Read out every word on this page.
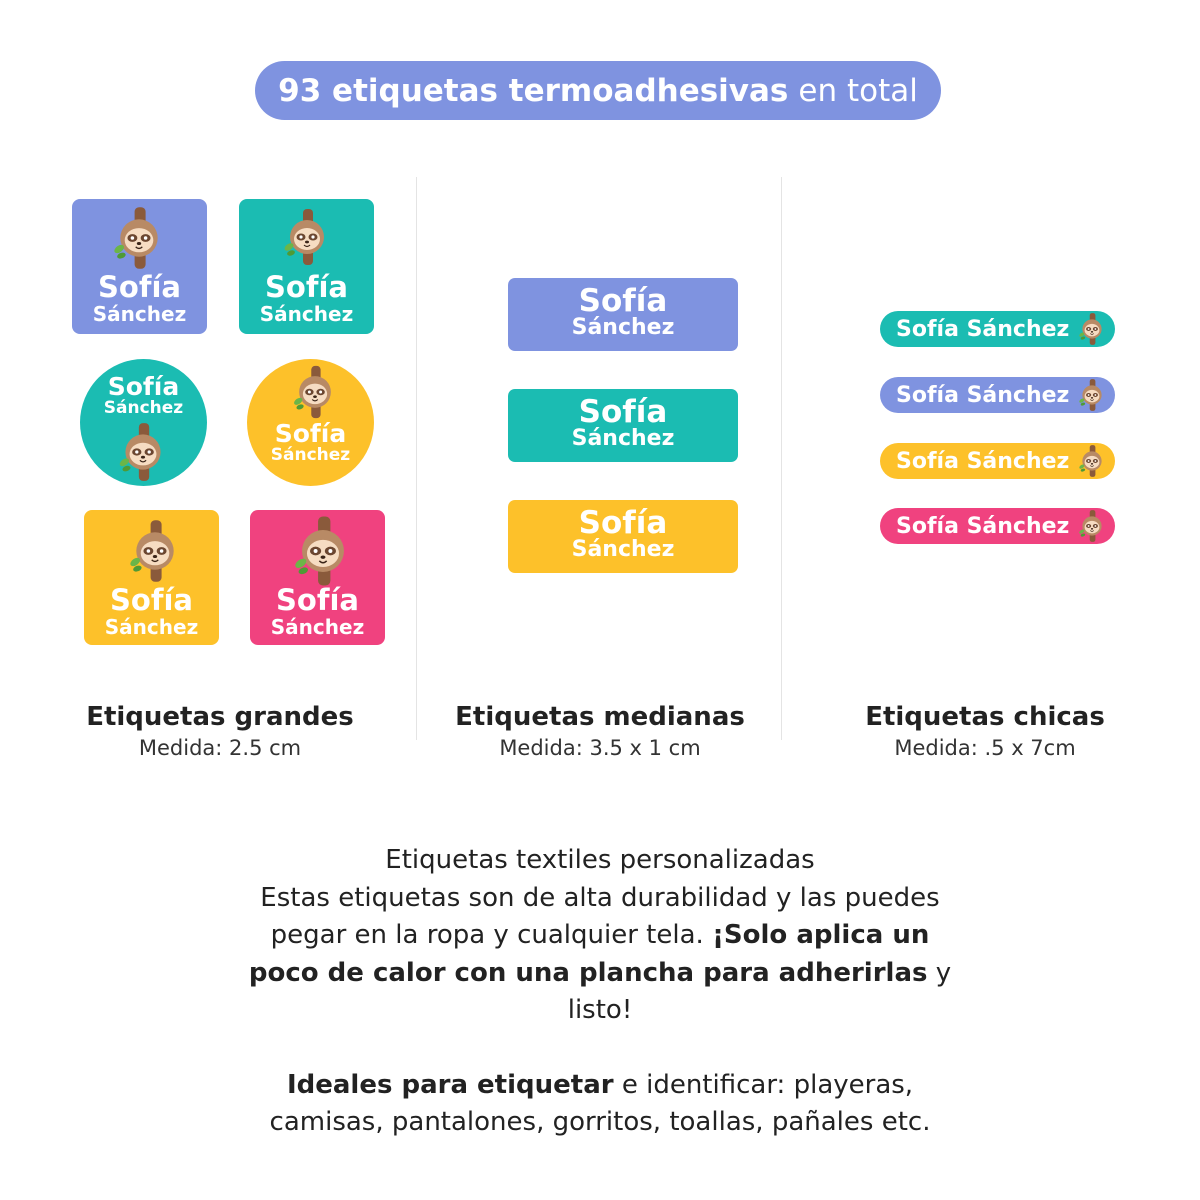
93 etiquetas termoadhesivas en total
Sofía
Sánchez
Sofía
Sánchez
Sofía
Sánchez
Sofía
Sánchez
Sofía
Sánchez
Sofía
Sánchez
Sofía
Sánchez
Sofía
Sánchez
Sofía
Sánchez
Sofía Sánchez
Sofía Sánchez
Sofía Sánchez
Sofía Sánchez
Etiquetas grandes
Medida: 2.5 cm
Etiquetas medianas
Medida: 3.5 x 1 cm
Etiquetas chicas
Medida: .5 x 7cm

Etiquetas textiles personalizadas

Estas etiquetas son de alta durabilidad y las puedes pegar en la ropa y cualquier tela. ¡Solo aplica un poco de calor con una plancha para adherirlas y listo!

Ideales para etiquetar e identificar: playeras, camisas, pantalones, gorritos, toallas, pañales etc.
